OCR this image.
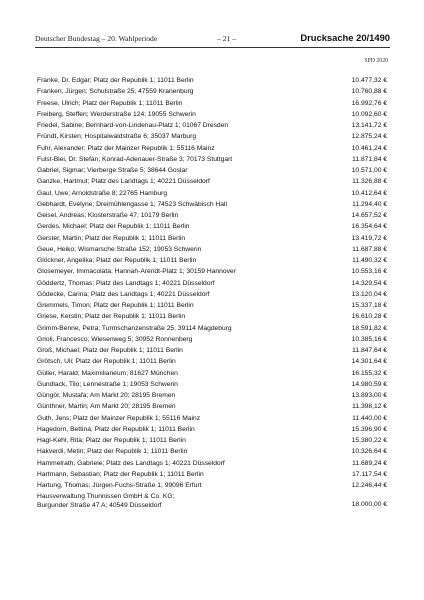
Deutscher Bundestag – 20. Wahlperiode	– 21 –	Drucksache 20/1490
SPD 2020
Franke, Dr. Edgar; Platz der Republik 1; 11011 Berlin	10.477,32 €
Franken, Jürgen; Schulstraße 25; 47559 Kranenburg	10.760,88 €
Freese, Ulrich; Platz der Republik 1; 11011 Berlin	16.992,76 €
Freiberg, Steffen; Werderstraße 124; 19055 Schwerin	10.092,60 €
Friedel, Sabine; Bernhard-von-Lindenau-Platz 1; 01067 Dresden	13.141,72 €
Fründt, Kirsten; Hospitalwaldstraße 6; 35037 Marburg	12.875,24 €
Fuhr, Alexander; Platz der Mainzer Republik 1; 55116 Mainz	10.461,24 €
Fulst-Blei, Dr. Stefan; Konrad-Adenauer-Straße 3; 70173 Stuttgart	11.871,84 €
Gabriel, Sigmar; Vierberge Straße 5; 38644 Goslar	10.571,00 €
Ganzke, Hartmut; Platz des Landtags 1; 40221 Düsseldorf	11.326,88 €
Gaul, Uwe; Arnoldstraße 8; 22765 Hamburg	10.412,64 €
Gebhardt, Evelyne; Dreimühlengasse 1; 74523 Schwäbisch Hall	11.294,40 €
Geisel, Andreas; Klosterstraße 47; 10179 Berlin	14.657,52 €
Gerdes, Michael; Platz der Republik 1; 11011 Berlin	16.354,64 €
Gerster, Martin; Platz der Republik 1; 11011 Berlin	13.419,72 €
Geue, Heiko; Wismarsche Straße 152; 19053 Schwerin	11.687,88 €
Glöckner, Angelika; Platz der Republik 1; 11011 Berlin	11.490,32 €
Glosemeyer, Immacolata; Hannah-Arendt-Platz 1; 30159 Hannover	10.553,16 €
Göddertz, Thomas; Platz des Landtags 1; 40221 Düsseldorf	14.329,54 €
Gödecke, Carina; Platz des Landtags 1; 40221 Düsseldorf	13.120,04 €
Gremmels, Timon; Platz der Republik 1; 11011 Berlin	15.337,18 €
Griese, Kerstin; Platz der Republik 1; 11011 Berlin	16.610,28 €
Grimm-Benne, Petra; Turmschanzenstraße 25; 39114 Magdeburg	18.591,82 €
Grioli, Francesco; Wiesenweg 5; 30952 Ronnenberg	10.385,16 €
Groß, Michael; Platz der Republik 1; 11011 Berlin	11.847,64 €
Grötsch, Uli; Platz der Republik 1; 11011 Berlin	14.301,64 €
Güller, Harald; Maximilianeum; 81627 München	16.155,32 €
Gundlack, Tilo; Lennéstraße 1; 19053 Schwerin	14.980,59 €
Güngör, Mustafa; Am Markt 20; 28195 Bremen	13.893,00 €
Günthner, Martin; Am Markt 20; 28195 Bremen	11.398,12 €
Guth, Jens; Platz der Mainzer Republik 1; 55116 Mainz	11.440,00 €
Hagedorn, Bettina; Platz der Republik 1; 11011 Berlin	15.396,90 €
Hagl-Kehl, Rita; Platz der Republik 1; 11011 Berlin	15.380,22 €
Hakverdi, Metin; Platz der Republik 1; 11011 Berlin	10.326,64 €
Hammelrath, Gabriele; Platz des Landtags 1; 40221 Düsseldorf	11.689,24 €
Hartmann, Sebastian; Platz der Republik 1; 11011 Berlin	17.117,54 €
Hartung, Thomas; Jürgen-Fuchs-Straße 1; 99096 Erfurt	12.246,44 €
Hausverwaltung Thunnissen GmbH & Co. KG;
Burgunder Straße 47 A; 40549 Düsseldorf	18.000,00 €
